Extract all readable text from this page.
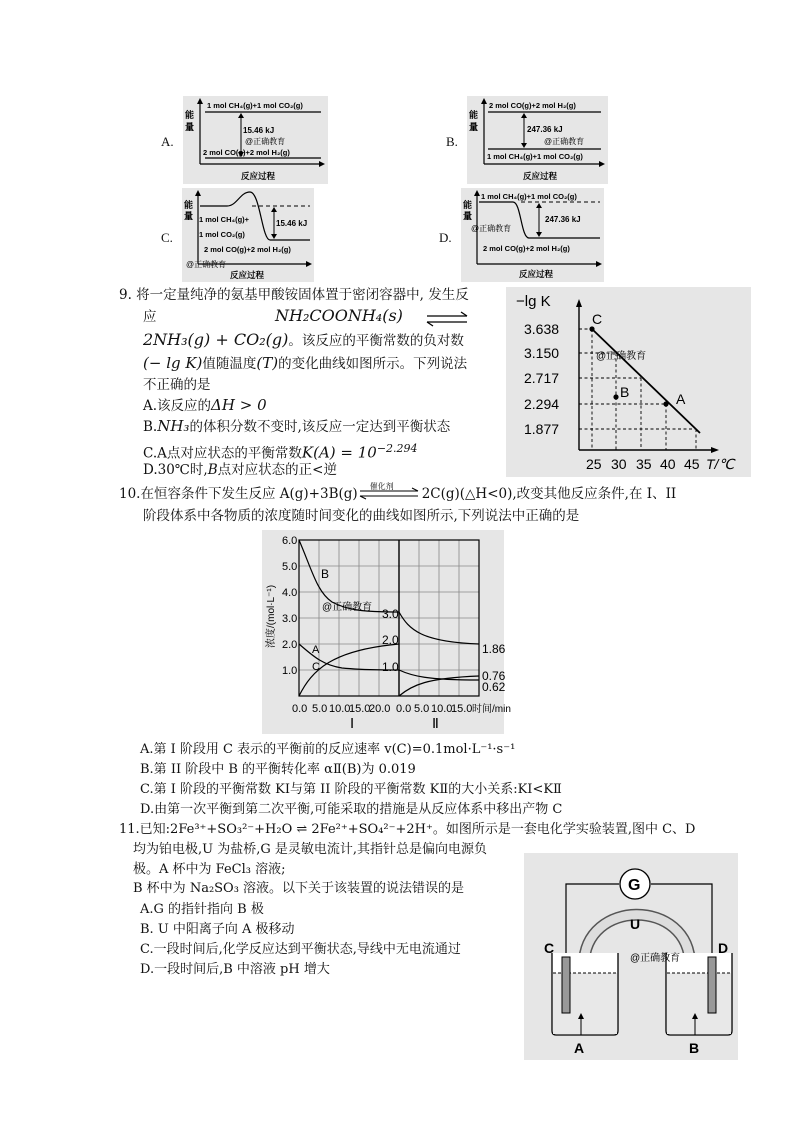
A.
能
量
1 mol CH₄(g)+1 mol CO₂(g)
15.46 kJ
@正确教育
2 mol CO(g)+2 mol H₂(g)
反应过程
B.
能
量
2 mol CO(g)+2 mol H₂(g)
247.36 kJ
@正确教育
1 mol CH₄(g)+1 mol CO₂(g)
反应过程
C.
能
量 1 mol CH₄(g)+
1 mol CO₂(g)
15.46 kJ
2 mol CO(g)+2 mol H₂(g)
@正确教育
反应过程
D.
能
量
1 mol CH₄(g)+1 mol CO₂(g)
247.36 kJ
@正确教育
2 mol CO(g)+2 mol H₂(g)
反应过程
9. 将一定量纯净的氨基甲酸铵固体置于密闭容器中, 发生反
应	NH₂COONH₄(s)
2NH₃(g) + CO₂(g)。该反应的平衡常数的负对数
(− lg K)值随温度(T)的变化曲线如图所示。下列说法
不正确的是
A.该反应的ΔH > 0
B.NH₃的体积分数不变时,该反应一定达到平衡状态
C.A点对应状态的平衡常数$K(A) = 10^{-2.294}$
D.30℃时,B点对应状态的正<逆
−lg K
T/℃
3.638
3.150
2.717
2.294
1.877
25 30 35 40 45
C
B	A
@正确教育
10.在恒容条件下发生反应 A(g)+3B(g) 催化剂 2C(g)(△H<0),改变其他反应条件,在 I、II
阶段体系中各物质的浓度随时间变化的曲线如图所示,下列说法中正确的是
6.0
5.0
4.0
3.0
2.0
1.0
0.0 5.0 10.0
15.0
20.0 0.0 5.0 10.0
15.0 时间/min
B
A
C
3.0
2.0
1.0
1.86
0.76
0.62
Ⅰ	Ⅱ
@正确教育
浓度/(mol·L⁻¹)
A.第 I 阶段用 C 表示的平衡前的反应速率 v(C)=0.1mol·L⁻¹·s⁻¹
B.第 II 阶段中 B 的平衡转化率 αⅡ(B)为 0.019
C.第 I 阶段的平衡常数 KⅠ与第 II 阶段的平衡常数 KⅡ的大小关系:KⅠ<KⅡ
D.由第一次平衡到第二次平衡,可能采取的措施是从反应体系中移出产物 C
11.已知:2Fe³⁺+SO₃²⁻+H₂O ⇌ 2Fe²⁺+SO₄²⁻+2H⁺。如图所示是一套电化学实验装置,图中 C、D
均为铂电极,U 为盐桥,G 是灵敏电流计,其指针总是偏向电源负
极。A 杯中为 FeCl₃ 溶液;
B 杯中为 Na₂SO₃ 溶液。以下关于该装置的说法错误的是
A.G 的指针指向 B 极
B. U 中阳离子向 A 极移动
C.一段时间后,化学反应达到平衡状态,导线中无电流通过
D.一段时间后,B 中溶液 pH 增大
G
U
C	D
@正确教育
A	B
